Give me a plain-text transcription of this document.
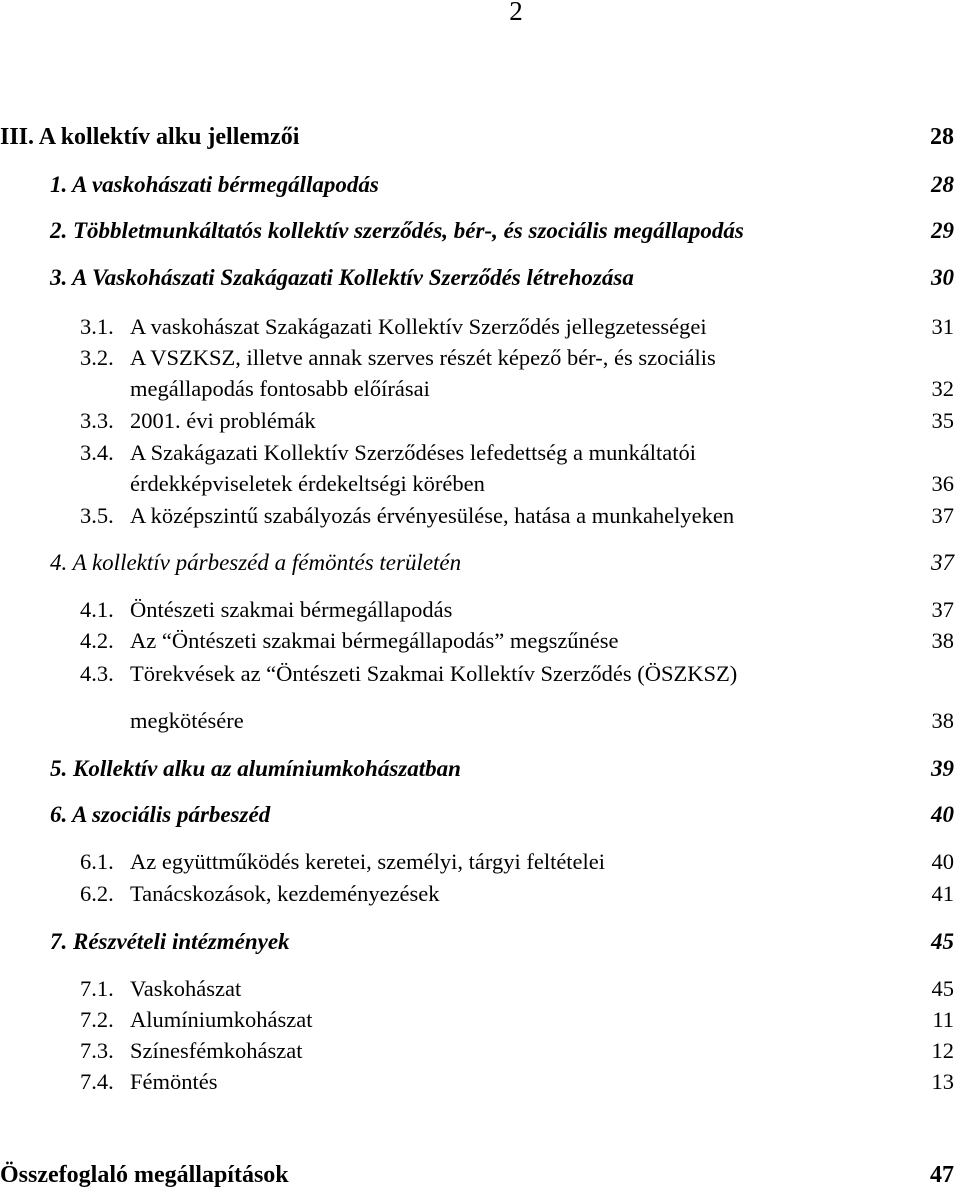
2
III. A kollektív alku jellemzői	28
1. A vaskohászati bérmegállapodás	28
2. Többletmunkáltatós kollektív szerződés, bér-, és szociális megállapodás	29
3. A Vaskohászati Szakágazati Kollektív Szerződés létrehozása	30
3.1. A vaskohászat Szakágazati Kollektív Szerződés jellegzetességei	31
3.2. A VSZKSZ, illetve annak szerves részét képező bér-, és szociális
megállapodás fontosabb előírásai	32
3.3. 2001. évi problémák	35
3.4. A Szakágazati Kollektív Szerződéses lefedettség a munkáltatói
érdekképviseletek érdekeltségi körében	36
3.5. A középszintű szabályozás érvényesülése, hatása a munkahelyeken	37
4. A kollektív párbeszéd a fémöntés területén	37
4.1. Öntészeti szakmai bérmegállapodás	37
4.2. Az “Öntészeti szakmai bérmegállapodás” megszűnése	38
4.3. Törekvések az “Öntészeti Szakmai Kollektív Szerződés (ÖSZKSZ)
megkötésére	38
5. Kollektív alku az alumíniumkohászatban	39
6. A szociális párbeszéd	40
6.1. Az együttműködés keretei, személyi, tárgyi feltételei	40
6.2. Tanácskozások, kezdeményezések	41
7. Részvételi intézmények	45
7.1. Vaskohászat	45
7.2. Alumíniumkohászat	11
7.3. Színesfémkohászat	12
7.4. Fémöntés	13
Összefoglaló megállapítások	47
